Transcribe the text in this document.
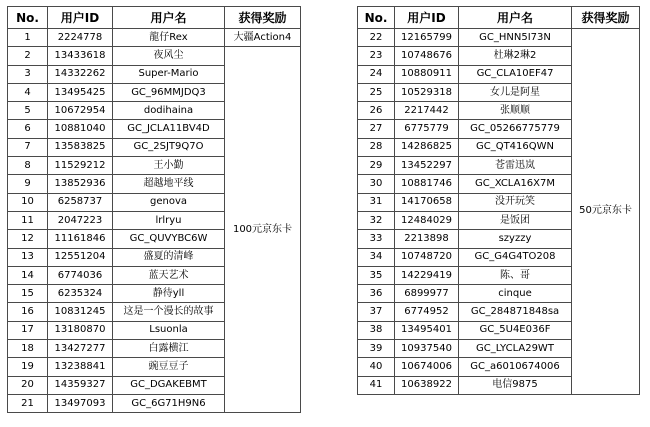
No.	用户ID	用户名	获得奖励
1	2224778	龍仔Rex	大疆Action4
2	13433618	夜风尘	100元京东卡
3	14332262	Super-Mario	
4	13495425	GC_96MMJDQ3	
5	10672954	dodihaina	
6	10881040	GC_JCLA11BV4D	
7	13583825	GC_2SJT9Q7O	
8	11529212	王小勤	
9	13852936	超越地平线	
10	6258737	genova	
11	2047223	lrlryu	
12	11161846	GC_QUVYBC6W	
13	12551204	盛夏的清峰	
14	6774036	蓝天艺术	
15	6235324	静待yll	
16	10831245	这是一个漫长的故事	
17	13180870	Lsuonla	
18	13427277	白露横江	
19	13238841	豌豆豆子	
20	14359327	GC_DGAKEBMT	
21	13497093	GC_6G71H9N6	
No.	用户ID	用户名	获得奖励
22	12165799	GC_HNN5I73N	50元京东卡
23	10748676	杜琳2琳2	
24	10880911	GC_CLA10EF47	
25	10529318	女儿是阿星	
26	2217442	张顺顺	
27	6775779	GC_05266775779	
28	14286825	GC_QT416QWN	
29	13452297	苍雷迅岚	
30	10881746	GC_XCLA16X7M	
31	14170658	没开玩笑	
32	12484029	是饭团	
33	2213898	szyzzy	
34	10748720	GC_G4G4TO208	
35	14229419	陈、哥	
36	6899977	cinque	
37	6774952	GC_284871848sa	
38	13495401	GC_5U4E036F	
39	10937540	GC_LYCLA29WT	
40	10674006	GC_a6010674006	
41	10638922	电信9875	
